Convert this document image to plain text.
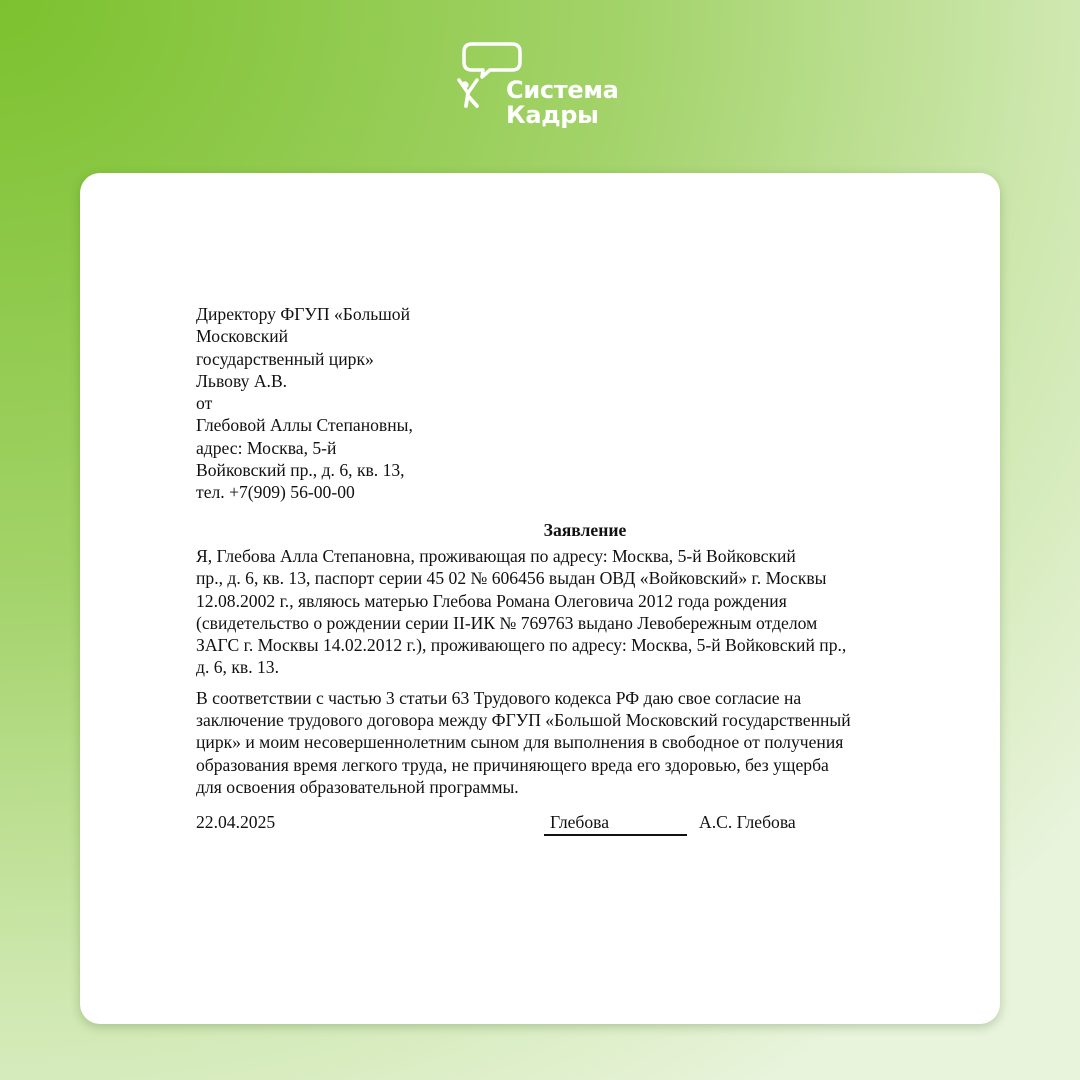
Система
Кадры
Директору ФГУП «Большой
Московский
государственный цирк»
Львову А.В.
от
Глебовой Аллы Степановны,
адрес: Москва, 5-й
Войковский пр., д. 6, кв. 13,
тел. +7(909) 56-00-00
Заявление
Я, Глебова Алла Степановна, проживающая по адресу: Москва, 5-й Войковский
пр., д. 6, кв. 13, паспорт серии 45 02 № 606456 выдан ОВД «Войковский» г. Москвы
12.08.2002 г., являюсь матерью Глебова Романа Олеговича 2012 года рождения
(свидетельство о рождении серии II-ИК № 769763 выдано Левобережным отделом
ЗАГС г. Москвы 14.02.2012 г.), проживающего по адресу: Москва, 5-й Войковский пр.,
д. 6, кв. 13.
В соответствии с частью 3 статьи 63 Трудового кодекса РФ даю свое согласие на
заключение трудового договора между ФГУП «Большой Московский государственный
цирк» и моим несовершеннолетним сыном для выполнения в свободное от получения
образования время легкого труда, не причиняющего вреда его здоровью, без ущерба
для освоения образовательной программы.
22.04.2025	Глебова	А.С. Глебова
